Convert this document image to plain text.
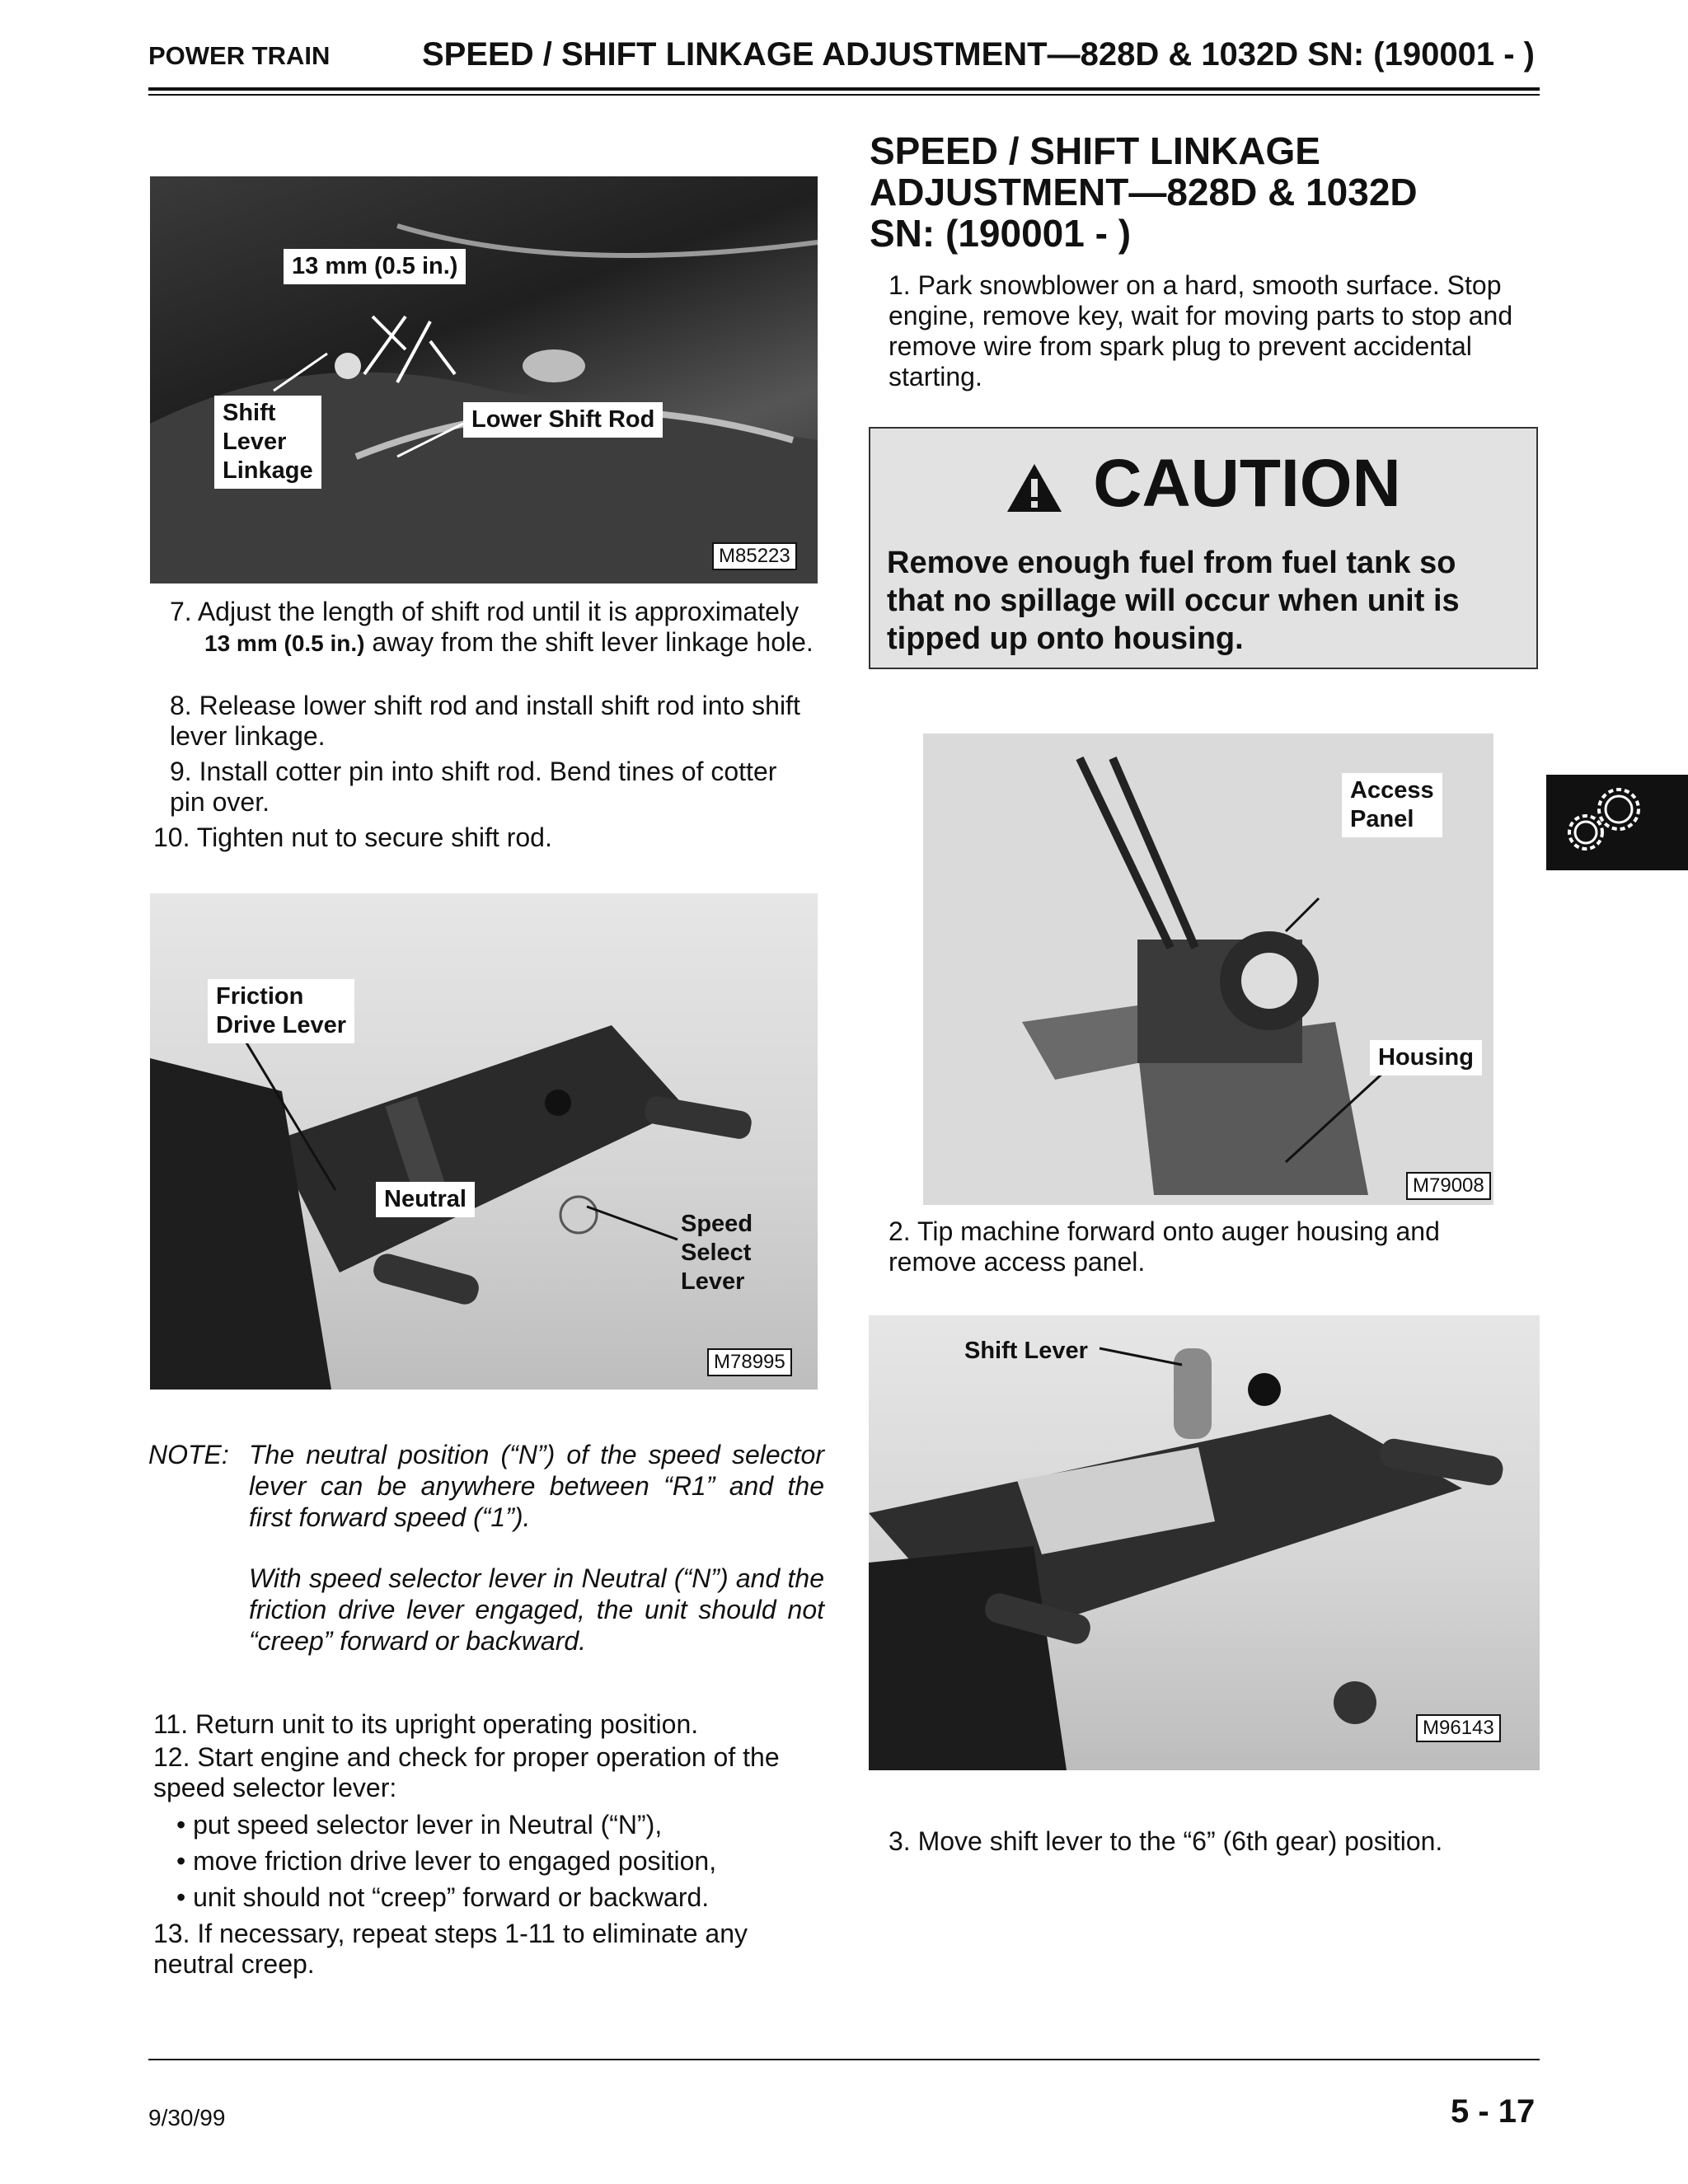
POWER TRAIN	SPEED / SHIFT LINKAGE ADJUSTMENT—828D & 1032D SN: (190001 - )
13 mm (0.5 in.)
Shift
Lever
Linkage
Lower Shift Rod
M85223
7. Adjust the length of shift rod until it is approximately
13 mm (0.5 in.) away from the shift lever linkage hole.
8. Release lower shift rod and install shift rod into shift lever linkage.
9. Install cotter pin into shift rod. Bend tines of cotter pin over.
10. Tighten nut to secure shift rod.
Friction
Drive Lever
Neutral
Speed
Select
Lever
M78995
NOTE: The neutral position (“N”) of the speed selector lever can be anywhere between “R1” and the first forward speed (“1”).
With speed selector lever in Neutral (“N”) and the friction drive lever engaged, the unit should not “creep” forward or backward.
11. Return unit to its upright operating position.
12. Start engine and check for proper operation of the speed selector lever:
• put speed selector lever in Neutral (“N”),
• move friction drive lever to engaged position,
• unit should not “creep” forward or backward.
13. If necessary, repeat steps 1-11 to eliminate any neutral creep.
SPEED / SHIFT LINKAGE
ADJUSTMENT—828D & 1032D
SN: (190001 - )
1. Park snowblower on a hard, smooth surface. Stop engine, remove key, wait for moving parts to stop and remove wire from spark plug to prevent accidental starting.
CAUTION
Remove enough fuel from fuel tank so that no spillage will occur when unit is tipped up onto housing.
Access
Panel
Housing
M79008
2. Tip machine forward onto auger housing and remove access panel.
Shift Lever
M96143
3. Move shift lever to the “6” (6th gear) position.
9/30/99	5 - 17
